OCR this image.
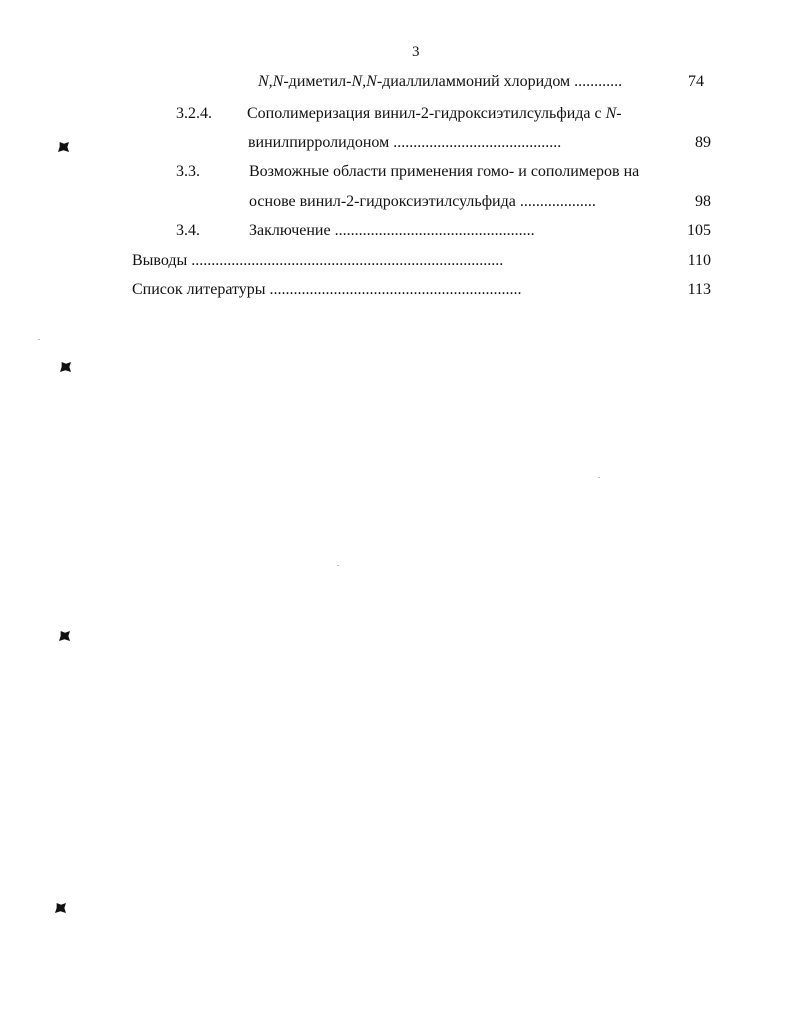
3
N,N-диметил-N,N-диаллиламмоний хлоридом ............	74
3.2.4. Сополимеризация винил-2-гидроксиэтилсульфида с N-
винилпирролидоном ..........................................	89
3.3.	Возможные области применения гомо- и сополимеров на
основе винил-2-гидроксиэтилсульфида ...................	98
3.4.	Заключение ..................................................	105
Выводы ..............................................................................	110
Список литературы ...............................................................	113
